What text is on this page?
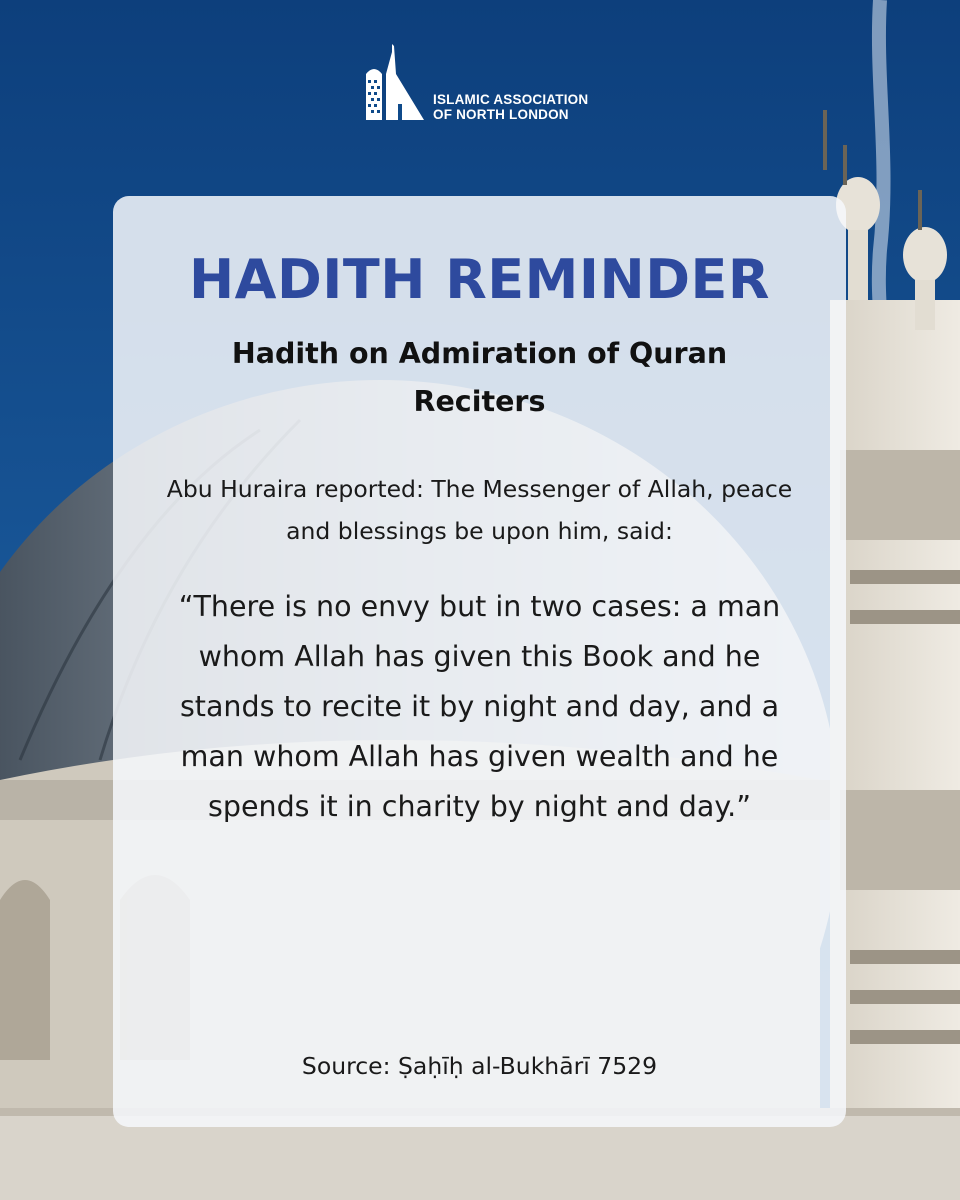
ISLAMIC ASSOCIATION
OF NORTH LONDON
HADITH REMINDER
Hadith on Admiration of Quran Reciters
Abu Huraira reported: The Messenger of Allah, peace and blessings be upon him, said:
“There is no envy but in two cases: a man whom Allah has given this Book and he stands to recite it by night and day, and a man whom Allah has given wealth and he spends it in charity by night and day.”
Source: Ṣaḥīḥ al-Bukhārī 7529
